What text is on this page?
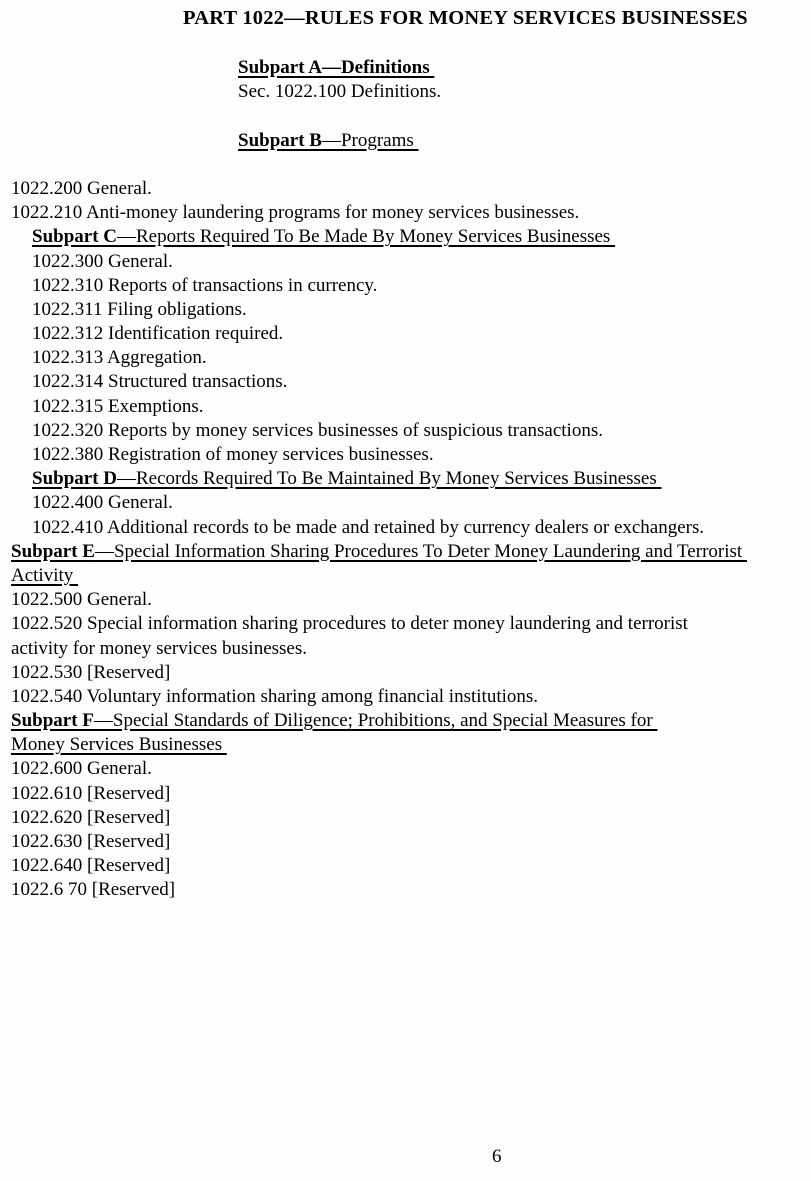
PART 1022—RULES FOR MONEY SERVICES BUSINESSES
Subpart A—Definitions
Sec. 1022.100 Definitions.
Subpart B—Programs
1022.200 General.
1022.210 Anti-money laundering programs for money services businesses.
Subpart C—Reports Required To Be Made By Money Services Businesses
1022.300 General.
1022.310 Reports of transactions in currency.
1022.311 Filing obligations.
1022.312 Identification required.
1022.313 Aggregation.
1022.314 Structured transactions.
1022.315 Exemptions.
1022.320 Reports by money services businesses of suspicious transactions.
1022.380 Registration of money services businesses.
Subpart D—Records Required To Be Maintained By Money Services Businesses
1022.400 General.
1022.410 Additional records to be made and retained by currency dealers or exchangers.
Subpart E—Special Information Sharing Procedures To Deter Money Laundering and Terrorist
Activity
1022.500 General.
1022.520 Special information sharing procedures to deter money laundering and terrorist
activity for money services businesses.
1022.530 [Reserved]
1022.540 Voluntary information sharing among financial institutions.
Subpart F—Special Standards of Diligence; Prohibitions, and Special Measures for
Money Services Businesses
1022.600 General.
1022.610 [Reserved]
1022.620 [Reserved]
1022.630 [Reserved]
1022.640 [Reserved]
1022.6 70 [Reserved]
6
